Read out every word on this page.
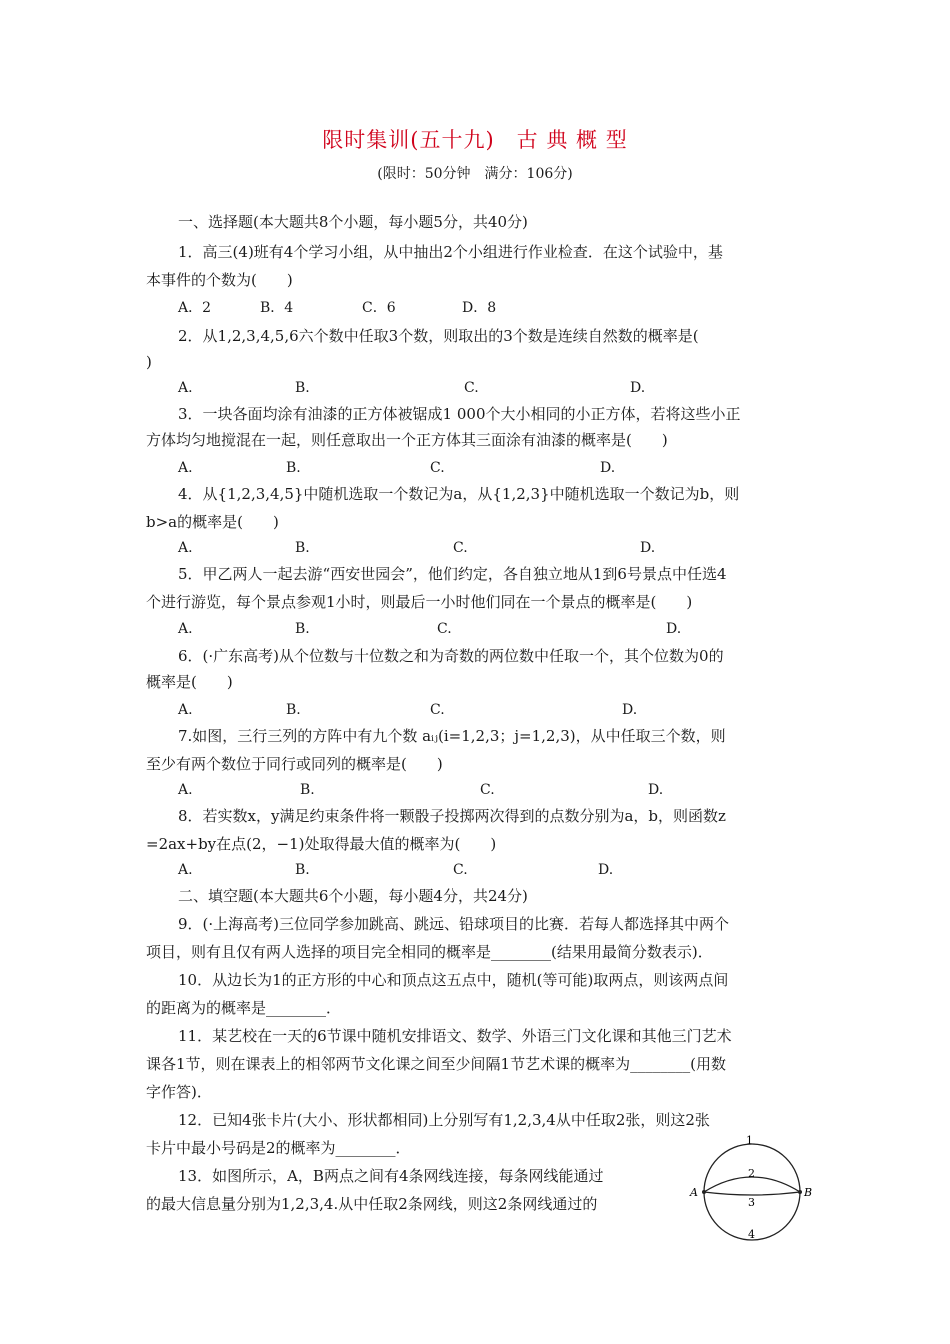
限时集训(五十九)　古 典 概 型
(限时：50分钟　满分：106分)
一、选择题(本大题共8个小题，每小题5分，共40分)
1．高三(4)班有4个学习小组，从中抽出2个小组进行作业检查．在这个试验中，基
本事件的个数为(　　)
A．2	B．4	C．6	D．8
2．从1,2,3,4,5,6六个数中任取3个数，则取出的3个数是连续自然数的概率是(
)
A.	B.	C.	D.
3．一块各面均涂有油漆的正方体被锯成1 000个大小相同的小正方体，若将这些小正
方体均匀地搅混在一起，则任意取出一个正方体其三面涂有油漆的概率是(　　)
A.	B.	C.	D.
4．从{1,2,3,4,5}中随机选取一个数记为a，从{1,2,3}中随机选取一个数记为b，则
b>a的概率是(　　)
A.	B.	C.	D.
5．甲乙两人一起去游“西安世园会”，他们约定，各自独立地从1到6号景点中任选4
个进行游览，每个景点参观1小时，则最后一小时他们同在一个景点的概率是(　　)
A.	B.	C.	D.
6．(·广东高考)从个位数与十位数之和为奇数的两位数中任取一个，其个位数为0的
概率是(　　)
A.	B.	C.	D.
7.如图，三行三列的方阵中有九个数 aᵢⱼ(i=1,2,3；j=1,2,3)，从中任取三个数，则
至少有两个数位于同行或同列的概率是(　　)
A.	B.	C.	D.
8．若实数x，y满足约束条件将一颗骰子投掷两次得到的点数分别为a，b，则函数z
=2ax+by在点(2，−1)处取得最大值的概率为(　　)
A.	B.	C.	D.
二、填空题(本大题共6个小题，每小题4分，共24分)
9．(·上海高考)三位同学参加跳高、跳远、铅球项目的比赛．若每人都选择其中两个
项目，则有且仅有两人选择的项目完全相同的概率是________(结果用最简分数表示)．
10．从边长为1的正方形的中心和顶点这五点中，随机(等可能)取两点，则该两点间
的距离为的概率是________．
11．某艺校在一天的6节课中随机安排语文、数学、外语三门文化课和其他三门艺术
课各1节，则在课表上的相邻两节文化课之间至少间隔1节艺术课的概率为________(用数
字作答)．
12．已知4张卡片(大小、形状都相同)上分别写有1,2,3,4从中任取2张，则这2张
卡片中最小号码是2的概率为________．
13．如图所示，A，B两点之间有4条网线连接，每条网线能通过
的最大信息量分别为1,2,3,4.从中任取2条网线，则这2条网线通过的
1
2
3
4
A	B
